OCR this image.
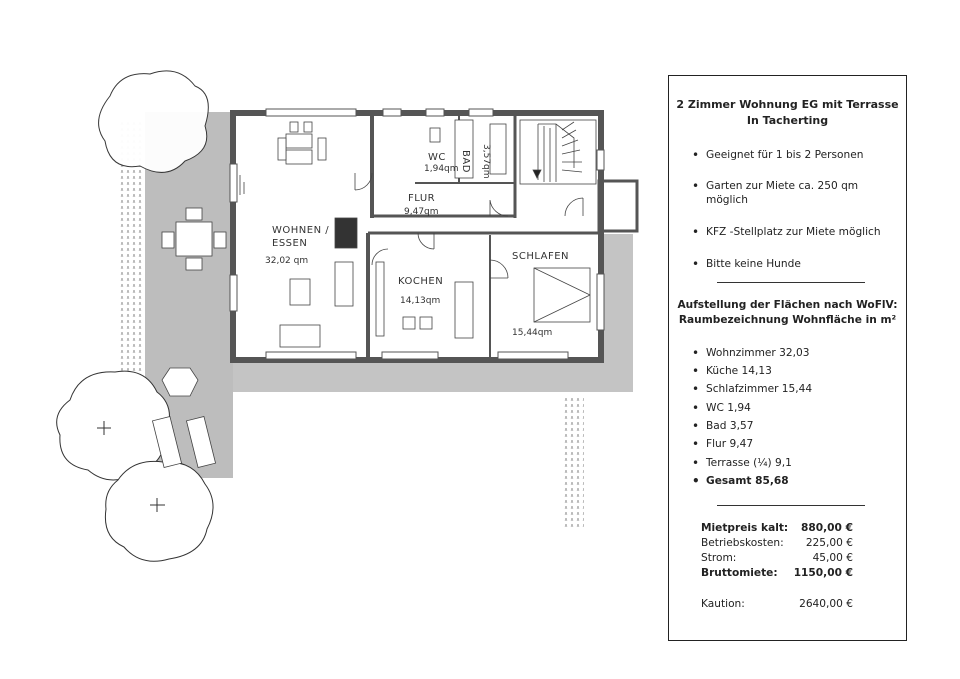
WOHNEN /
ESSEN
32,02 qm
FLUR
9,47qm
WC
1,94qm BAD 3,57qm
KOCHEN
14,13qm
SCHLAFEN
15,44qm
2 Zimmer Wohnung EG mit Terrasse
In Tacherting
• Geeignet für 1 bis 2 Personen
• Garten zur Miete ca. 250 qm möglich
• KFZ -Stellplatz zur Miete möglich
• Bitte keine Hunde
Aufstellung der Flächen nach WoFlV:
Raumbezeichnung Wohnfläche in m²
• Wohnzimmer 32,03
• Küche 14,13
• Schlafzimmer 15,44
• WC 1,94
• Bad 3,57
• Flur 9,47
• Terrasse (¼) 9,1
• Gesamt 85,68
Mietpreis kalt: 880,00 €
Betriebskosten: 225,00 €
Strom:	45,00 €
Bruttomiete: 1150,00 €
Kaution:	2640,00 €
